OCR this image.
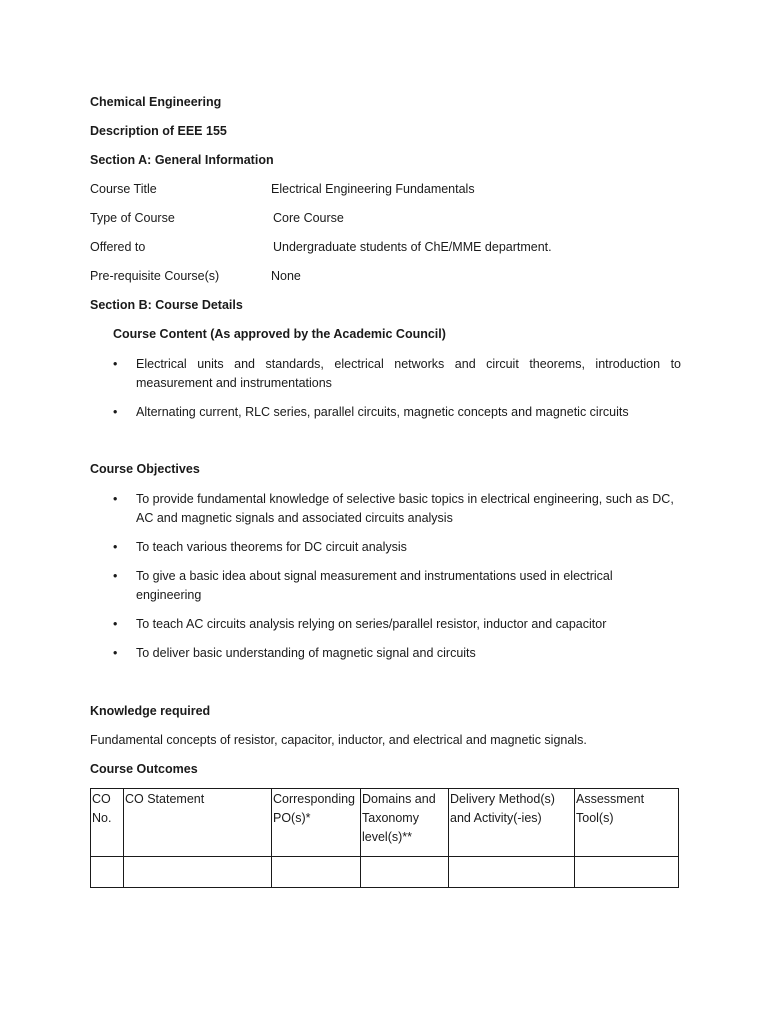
Chemical Engineering
Description of EEE 155
Section A: General Information
Course Title	Electrical Engineering Fundamentals
Type of Course	Core Course
Offered to	Undergraduate students of ChE/MME department.
Pre-requisite Course(s)	None
Section B: Course Details
Course Content (As approved by the Academic Council)
•	Electrical units and standards, electrical networks and circuit theorems, introduction to measurement and instrumentations
•	Alternating current, RLC series, parallel circuits, magnetic concepts and magnetic circuits
Course Objectives
•	To provide fundamental knowledge of selective basic topics in electrical engineering, such as DC, AC and magnetic signals and associated circuits analysis
•	To teach various theorems for DC circuit analysis
•	To give a basic idea about signal measurement and instrumentations used in electrical engineering
•	To teach AC circuits analysis relying on series/parallel resistor, inductor and capacitor
•	To deliver basic understanding of magnetic signal and circuits
Knowledge required
Fundamental concepts of resistor, capacitor, inductor, and electrical and magnetic signals.
Course Outcomes
CO No.	CO Statement	Corresponding PO(s)*	Domains and Taxonomy level(s)**	Delivery Method(s) and Activity(-ies)	Assessment Tool(s)
